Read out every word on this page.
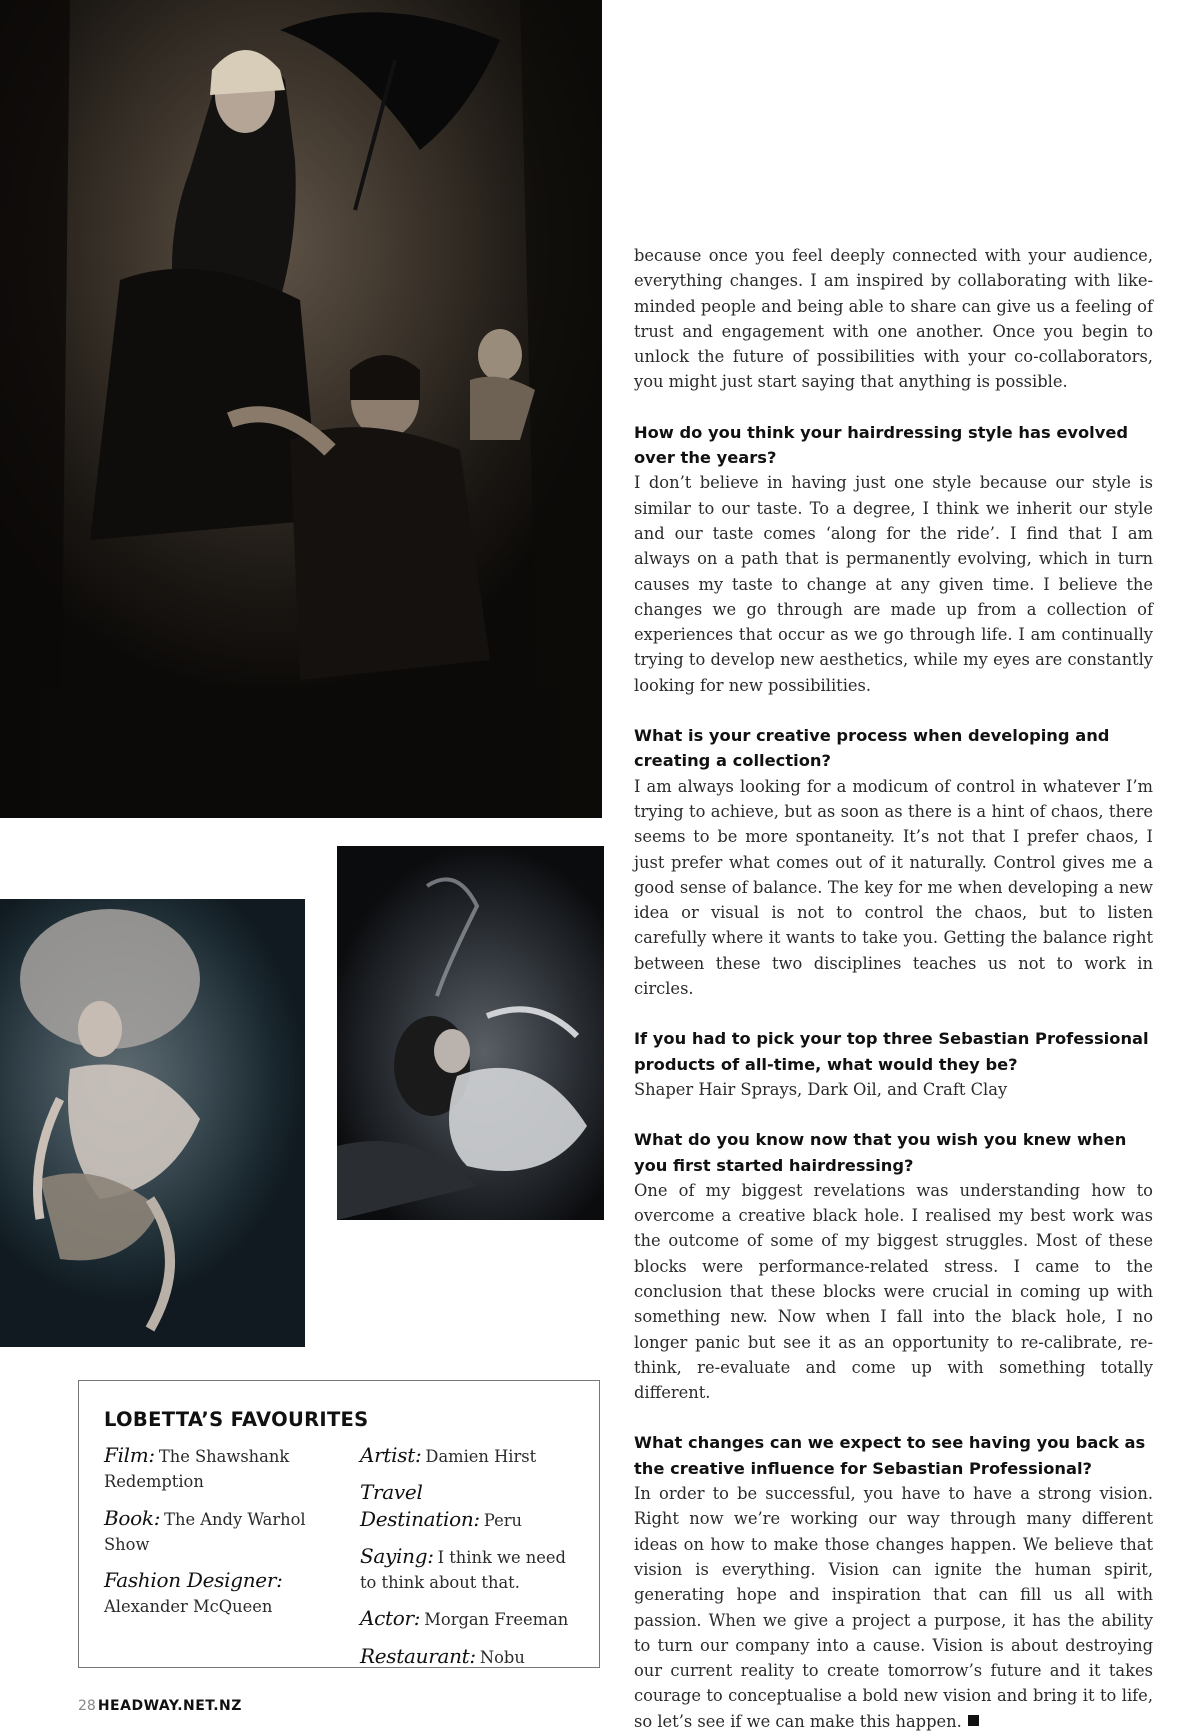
because once you feel deeply connected with your audience, everything changes. I am inspired by collaborating with like-minded people and being able to share can give us a feeling of trust and engagement with one another. Once you begin to unlock the future of possibilities with your co-collaborators, you might just start saying that anything is possible.

How do you think your hairdressing style has evolved over the years?

I don’t believe in having just one style because our style is similar to our taste. To a degree, I think we inherit our style and our taste comes ‘along for the ride’. I find that I am always on a path that is permanently evolving, which in turn causes my taste to change at any given time. I believe the changes we go through are made up from a collection of experiences that occur as we go through life. I am continually trying to develop new aesthetics, while my eyes are constantly looking for new possibilities.

What is your creative process when developing and creating a collection?

I am always looking for a modicum of control in whatever I’m trying to achieve, but as soon as there is a hint of chaos, there seems to be more spontaneity. It’s not that I prefer chaos, I just prefer what comes out of it naturally. Control gives me a good sense of balance. The key for me when developing a new idea or visual is not to control the chaos, but to listen carefully where it wants to take you. Getting the balance right between these two disciplines teaches us not to work in circles.

If you had to pick your top three Sebastian Professional products of all-time, what would they be?

Shaper Hair Sprays, Dark Oil, and Craft Clay

What do you know now that you wish you knew when you first started hairdressing?

One of my biggest revelations was understanding how to overcome a creative black hole. I realised my best work was the outcome of some of my biggest struggles. Most of these blocks were performance-related stress. I came to the conclusion that these blocks were crucial in coming up with something new. Now when I fall into the black hole, I no longer panic but see it as an opportunity to re-calibrate, re-think, re-evaluate and come up with something totally different.

What changes can we expect to see having you back as the creative influence for Sebastian Professional?

In order to be successful, you have to have a strong vision. Right now we’re working our way through many different ideas on how to make those changes happen. We believe that vision is everything. Vision can ignite the human spirit, generating hope and inspiration that can fill us all with passion. When we give a project a purpose, it has the ability to turn our company into a cause. Vision is about destroying our current reality to create tomorrow’s future and it takes courage to conceptualise a bold new vision and bring it to life, so let’s see if we can make this happen.

LOBETTA’S FAVOURITES

Film: The Shawshank Redemption

Book: The Andy Warhol Show

Fashion Designer:
Alexander McQueen

Artist: Damien Hirst

Travel Destination: Peru

Saying: I think we need to think about that.

Actor: Morgan Freeman

Restaurant: Nobu

28 HEADWAY.NET.NZ
